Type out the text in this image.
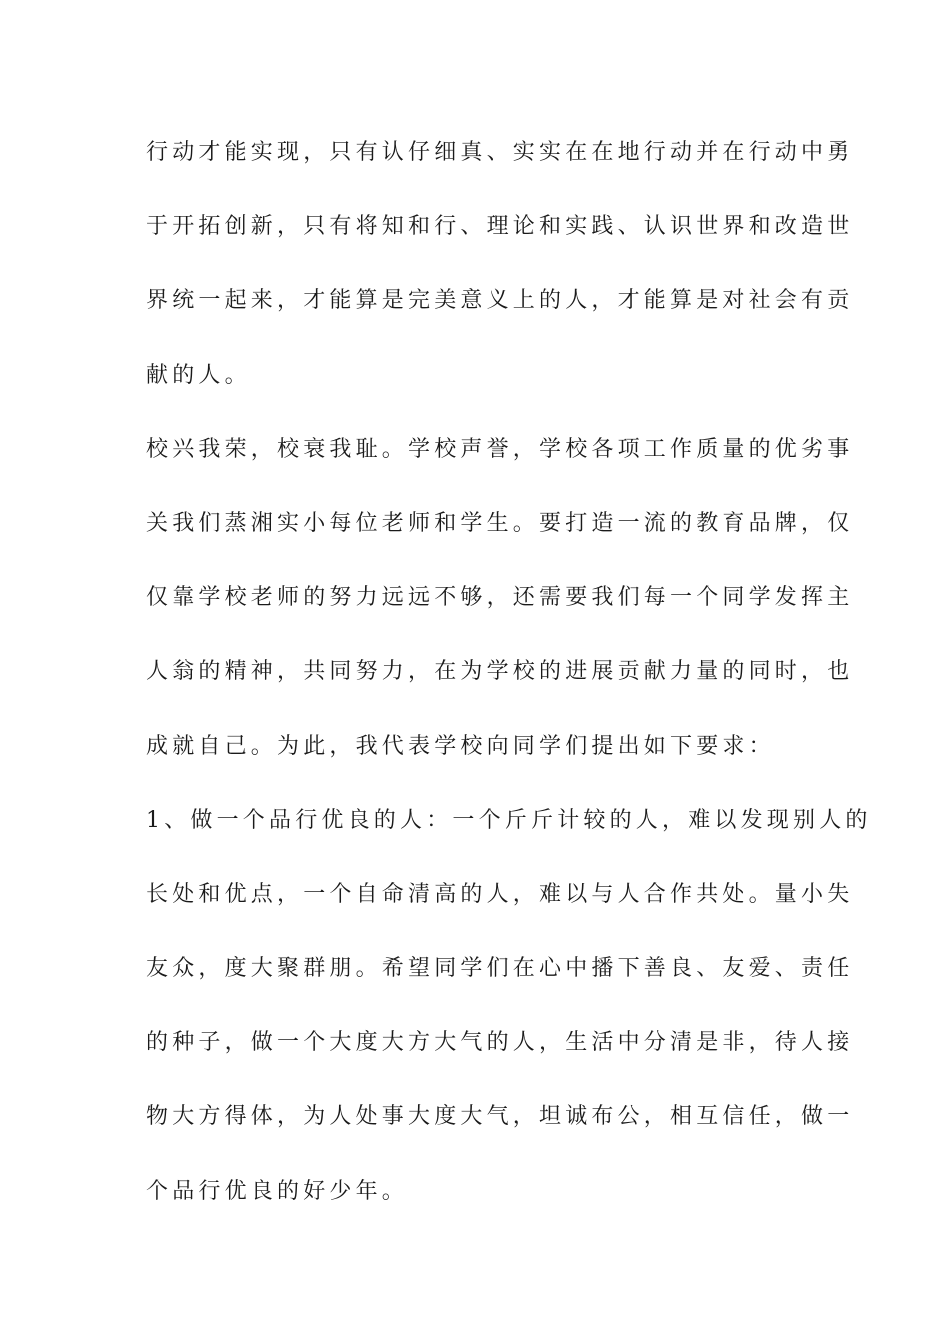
行动才能实现，只有认仔细真、实实在在地行动并在行动中勇
于开拓创新，只有将知和行、理论和实践、认识世界和改造世
界统一起来，才能算是完美意义上的人，才能算是对社会有贡
献的人。
校兴我荣，校衰我耻。学校声誉，学校各项工作质量的优劣事
关我们蒸湘实小每位老师和学生。要打造一流的教育品牌，仅
仅靠学校老师的努力远远不够，还需要我们每一个同学发挥主
人翁的精神，共同努力，在为学校的进展贡献力量的同时，也
成就自己。为此，我代表学校向同学们提出如下要求：
1、做一个品行优良的人：一个斤斤计较的人，难以发现别人的
长处和优点，一个自命清高的人，难以与人合作共处。量小失
友众，度大聚群朋。希望同学们在心中播下善良、友爱、责任
的种子，做一个大度大方大气的人，生活中分清是非，待人接
物大方得体，为人处事大度大气，坦诚布公，相互信任，做一
个品行优良的好少年。
